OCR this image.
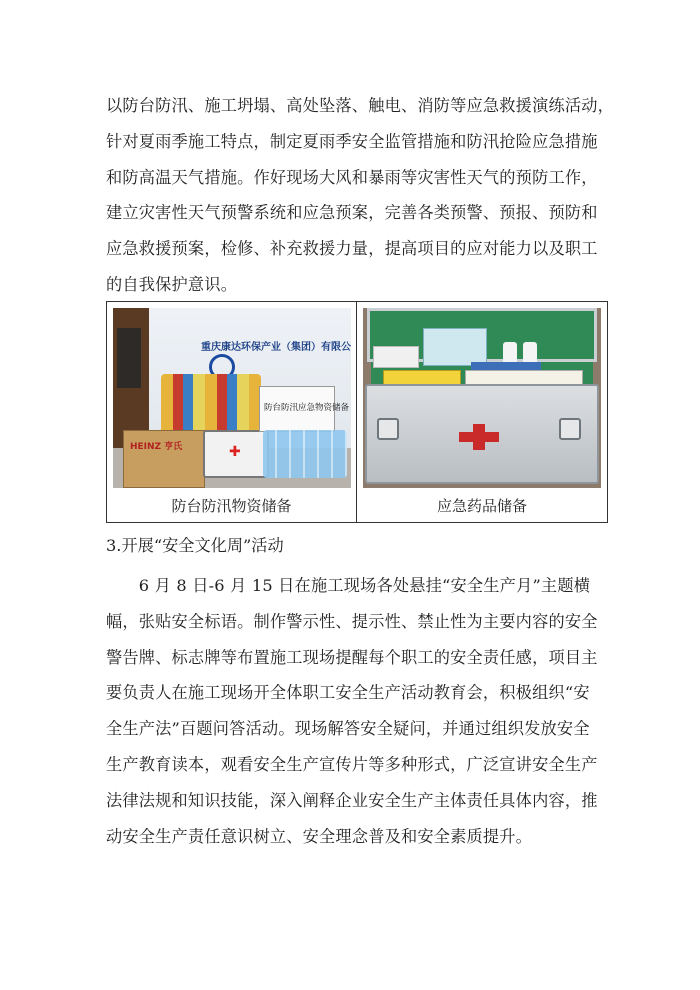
以防台防汛、施工坍塌、高处坠落、触电、消防等应急救援演练活动，

针对夏雨季施工特点，制定夏雨季安全监管措施和防汛抢险应急措施

和防高温天气措施。作好现场大风和暴雨等灾害性天气的预防工作，

建立灾害性天气预警系统和应急预案，完善各类预警、预报、预防和

应急救援预案，检修、补充救援力量，提高项目的应对能力以及职工

的自我保护意识。

重庆康达环保产业（集团）有限公
HEINZ 亨氏
✚
防台防汛应急物资储备
防台防汛物资储备	应急药品储备
3.开展“安全文化周”活动

　　6 月 8 日-6 月 15 日在施工现场各处悬挂“安全生产月”主题横

幅，张贴安全标语。制作警示性、提示性、禁止性为主要内容的安全

警告牌、标志牌等布置施工现场提醒每个职工的安全责任感，项目主

要负责人在施工现场开全体职工安全生产活动教育会，积极组织“安

全生产法”百题问答活动。现场解答安全疑问，并通过组织发放安全

生产教育读本，观看安全生产宣传片等多种形式，广泛宣讲安全生产

法律法规和知识技能，深入阐释企业安全生产主体责任具体内容，推

动安全生产责任意识树立、安全理念普及和安全素质提升。
